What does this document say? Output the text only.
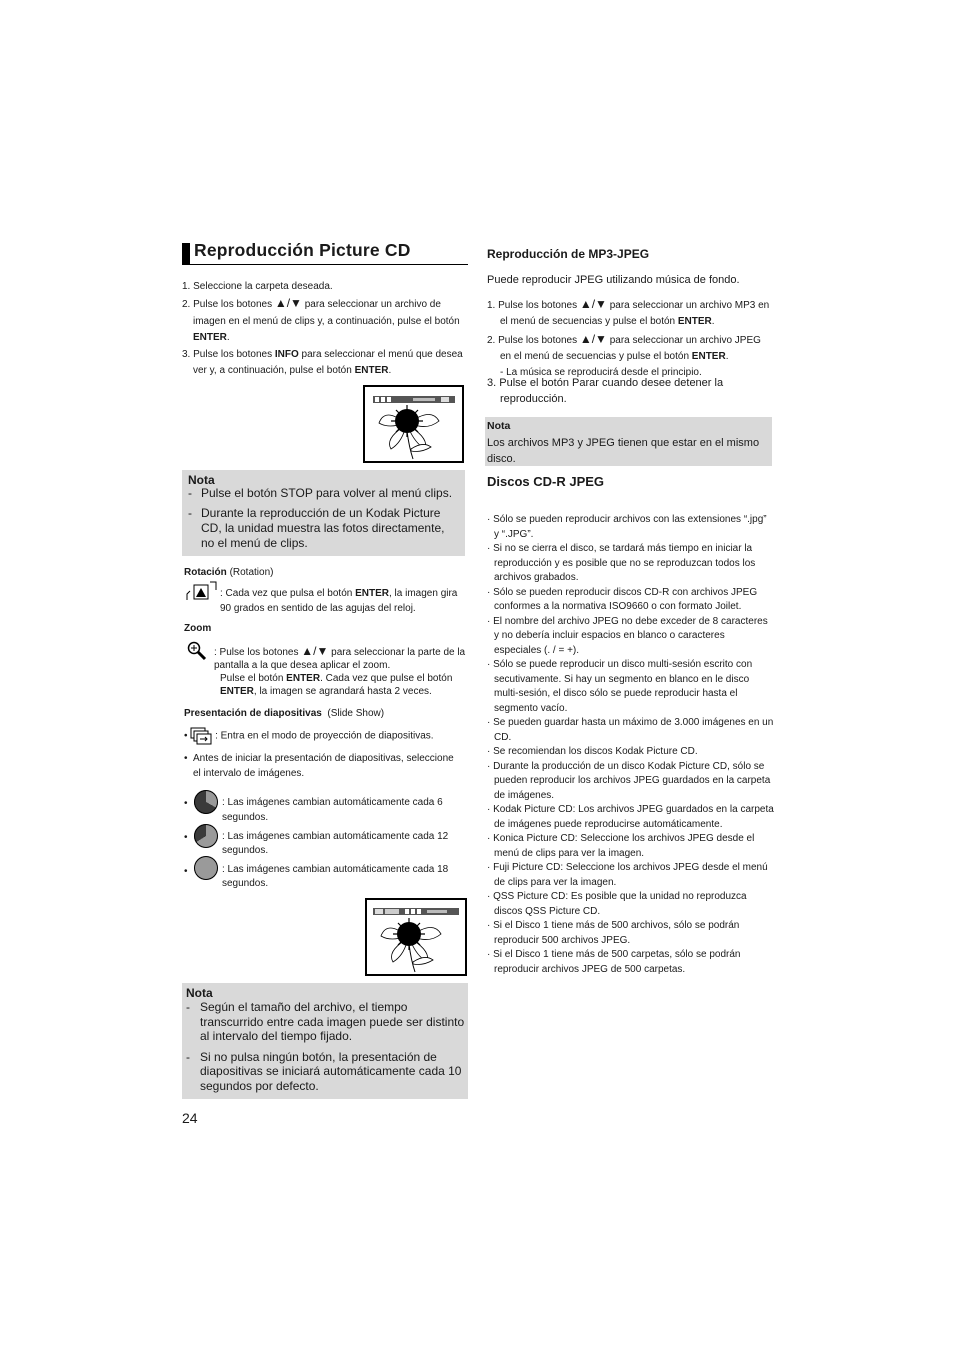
Reproducción Picture CD
1. Seleccione la carpeta deseada.
2. Pulse los botones ▲/▼ para seleccionar un archivo de imagen en el menú de clips y, a continuación, pulse el botón ENTER.
3. Pulse los botones INFO para seleccionar el menú que desea ver y, a continuación, pulse el botón ENTER.
Nota
- Pulse el botón STOP para volver al menú clips.
- Durante la reproducción de un Kodak Picture CD, la unidad muestra las fotos directamente, no el menú de clips.
Rotación (Rotation)
: Cada vez que pulsa el botón ENTER, la imagen gira 90 grados en sentido de las agujas del reloj.
Zoom
: Pulse los botones ▲/▼ para seleccionar la parte de la pantalla a la que desea aplicar el zoom.
Pulse el botón ENTER. Cada vez que pulse el botón ENTER, la imagen se agrandará hasta 2 veces.
Presentación de diapositivas (Slide Show)
•	: Entra en el modo de proyección de diapositivas.
• Antes de iniciar la presentación de diapositivas, seleccione el intervalo de imágenes.
•	: Las imágenes cambian automáticamente cada 6 segundos.
•	: Las imágenes cambian automáticamente cada 12 segundos.
•	: Las imágenes cambian automáticamente cada 18 segundos.
Nota
- Según el tamaño del archivo, el tiempo transcurrido entre cada imagen puede ser distinto al intervalo del tiempo fijado.
- Si no pulsa ningún botón, la presentación de diapositivas se iniciará automáticamente cada 10 segundos por defecto.
24
Reproducción de MP3-JPEG
Puede reproducir JPEG utilizando música de fondo.
1. Pulse los botones ▲/▼ para seleccionar un archivo MP3 en el menú de secuencias y pulse el botón ENTER.
2. Pulse los botones ▲/▼ para seleccionar un archivo JPEG en el menú de secuencias y pulse el botón ENTER.
- La música se reproducirá desde el principio.
3. Pulse el botón Parar cuando desee detener la reproducción.
Nota
Los archivos MP3 y JPEG tienen que estar en el mismo disco.
Discos CD-R JPEG
· Sólo se pueden reproducir archivos con las extensiones “.jpg” y “.JPG”.
· Si no se cierra el disco, se tardará más tiempo en iniciar la reproducción y es posible que no se reproduzcan todos los archivos grabados.
· Sólo se pueden reproducir discos CD-R con archivos JPEG conformes a la normativa ISO9660 o con formato Joilet.
· El nombre del archivo JPEG no debe exceder de 8 caracteres y no debería incluir espacios en blanco o caracteres especiales (. / = +).
· Sólo se puede reproducir un disco multi-sesión escrito con secutivamente. Si hay un segmento en blanco en le disco multi-sesión, el disco sólo se puede reproducir hasta el segmento vacío.
· Se pueden guardar hasta un máximo de 3.000 imágenes en un CD.
· Se recomiendan los discos Kodak Picture CD.
· Durante la producción de un disco Kodak Picture CD, sólo se pueden reproducir los archivos JPEG guardados en la carpeta de imágenes.
· Kodak Picture CD: Los archivos JPEG guardados en la carpeta de imágenes puede reproducirse automáticamente.
· Konica Picture CD: Seleccione los archivos JPEG desde el menú de clips para ver la imagen.
· Fuji Picture CD: Seleccione los archivos JPEG desde el menú de clips para ver la imagen.
· QSS Picture CD: Es posible que la unidad no reproduzca discos QSS Picture CD.
· Si el Disco 1 tiene más de 500 archivos, sólo se podrán reproducir 500 archivos JPEG.
· Si el Disco 1 tiene más de 500 carpetas, sólo se podrán reproducir archivos JPEG de 500 carpetas.
